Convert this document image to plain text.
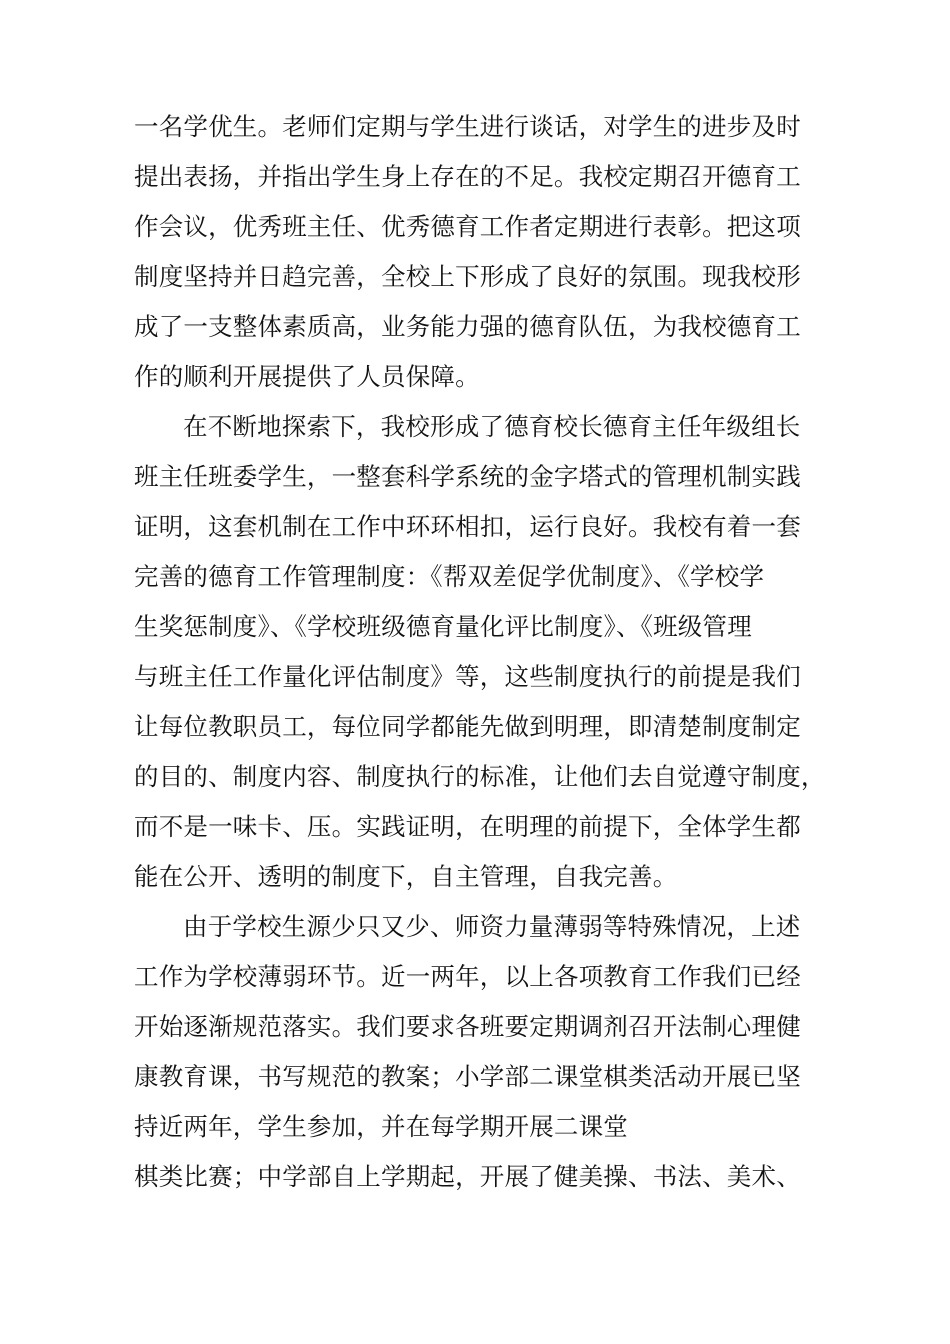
一名学优生。老师们定期与学生进行谈话，对学生的进步及时
提出表扬，并指出学生身上存在的不足。我校定期召开德育工
作会议，优秀班主任、优秀德育工作者定期进行表彰。把这项
制度坚持并日趋完善，全校上下形成了良好的氛围。现我校形
成了一支整体素质高，业务能力强的德育队伍，为我校德育工
作的顺利开展提供了人员保障。
在不断地探索下，我校形成了德育校长德育主任年级组长
班主任班委学生，一整套科学系统的金字塔式的管理机制实践
证明，这套机制在工作中环环相扣，运行良好。我校有着一套
完善的德育工作管理制度：《帮双差促学优制度》、《学校学
生奖惩制度》、《学校班级德育量化评比制度》、《班级管理
与班主任工作量化评估制度》等，这些制度执行的前提是我们
让每位教职员工，每位同学都能先做到明理，即清楚制度制定
的目的、制度内容、制度执行的标准，让他们去自觉遵守制度，
而不是一味卡、压。实践证明，在明理的前提下，全体学生都
能在公开、透明的制度下，自主管理，自我完善。
由于学校生源少只又少、师资力量薄弱等特殊情况，上述
工作为学校薄弱环节。近一两年，以上各项教育工作我们已经
开始逐渐规范落实。我们要求各班要定期调剂召开法制心理健
康教育课，书写规范的教案；小学部二课堂棋类活动开展已坚
持近两年，学生参加，并在每学期开展二课堂
棋类比赛；中学部自上学期起，开展了健美操、书法、美术、
